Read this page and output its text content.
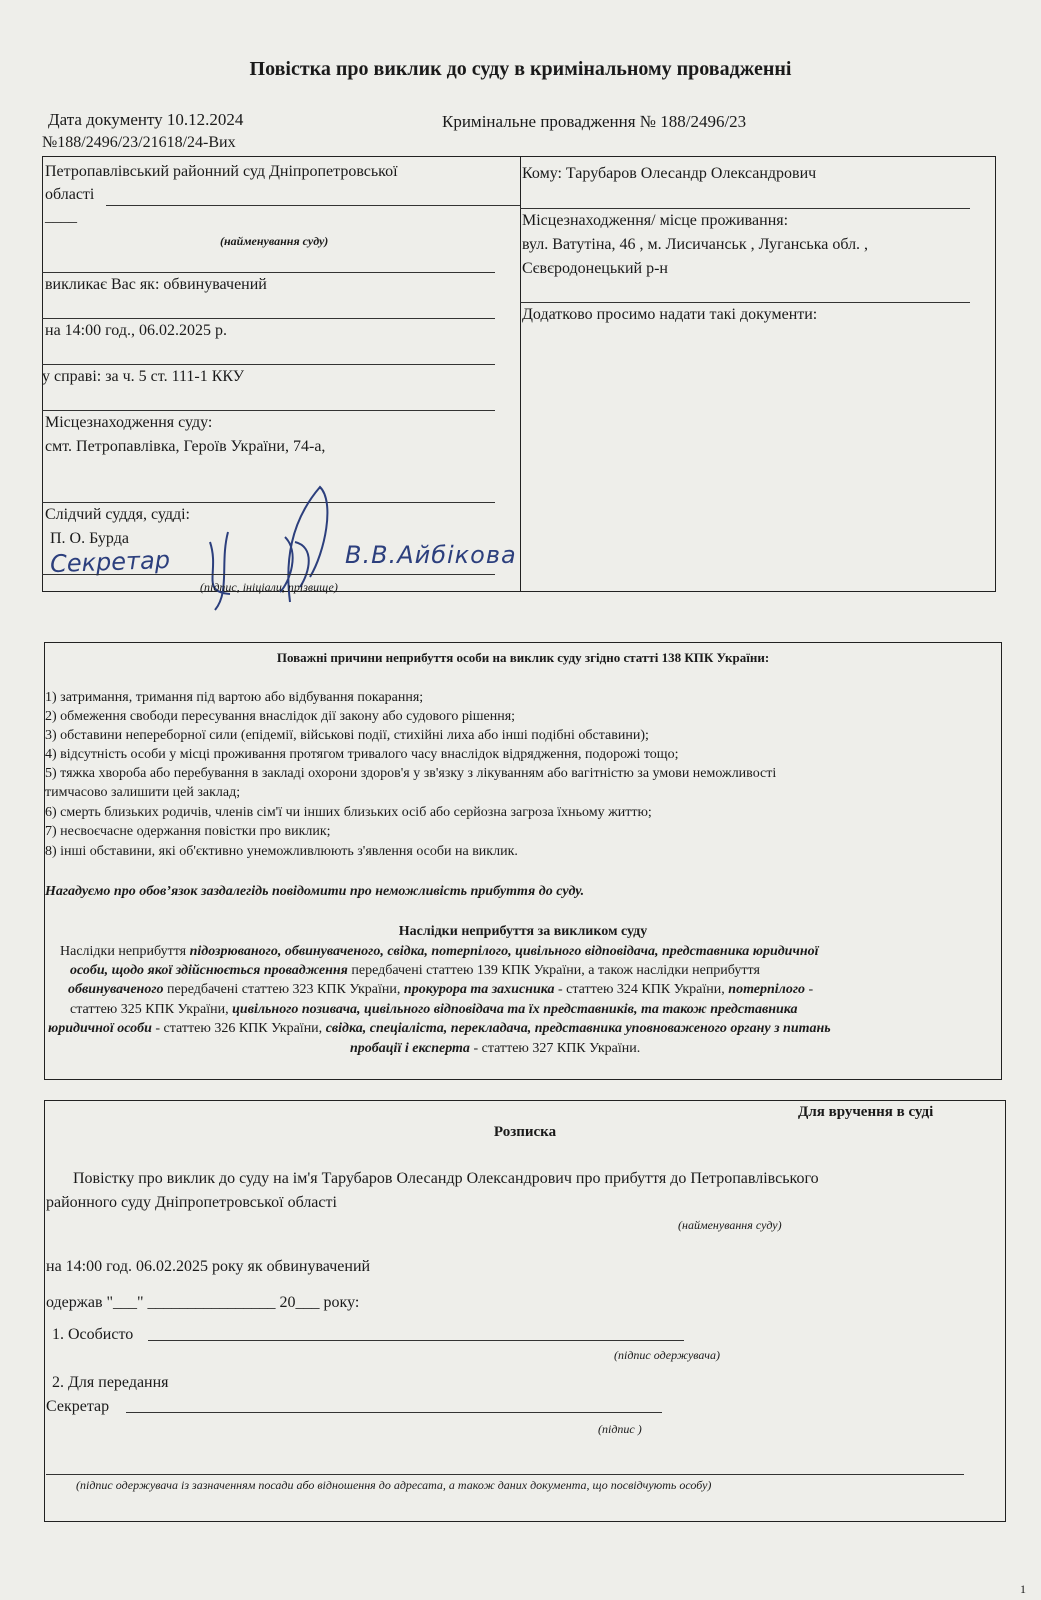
Повістка про виклик до суду в кримінальному провадженні
Дата документу 10.12.2024
№188/2496/23/21618/24-Вих
Кримінальне провадження № 188/2496/23
Петропавлівський районний суд Дніпропетровської
області
____
(найменування суду)
викликає Вас як: обвинувачений
на 14:00 год., 06.02.2025 р.
у справі: за ч. 5 ст. 111-1 ККУ
Місцезнаходження суду:
смт. Петропавлівка, Героїв України, 74-а,
Слідчий суддя, судді:
П. О. Бурда
Секретар	В.В.Айбікова
(підпис, ініціали, прізвище)
Кому: Тарубаров Олесандр Олександрович
Місцезнаходження/ місце проживання:
вул. Ватутіна, 46 , м. Лисичанськ , Луганська обл. ,
Сєвєродонецький р-н
Додатково просимо надати такі документи:
Поважні причини неприбуття особи на виклик суду згідно статті 138 КПК України:
1) затримання, тримання під вартою або відбування покарання;
2) обмеження свободи пересування внаслідок дії закону або судового рішення;
3) обставини непереборної сили (епідемії, військові події, стихійні лиха або інші подібні обставини);
4) відсутність особи у місці проживання протягом тривалого часу внаслідок відрядження, подорожі тощо;
5) тяжка хвороба або перебування в закладі охорони здоров'я у зв'язку з лікуванням або вагітністю за умови неможливості
тимчасово залишити цей заклад;
6) смерть близьких родичів, членів сім'ї чи інших близьких осіб або серйозна загроза їхньому життю;
7) несвоєчасне одержання повістки про виклик;
8) інші обставини, які об'єктивно унеможливлюють з'явлення особи на виклик.
Нагадуємо про обов’язок заздалегідь повідомити про неможливість прибуття до суду.
Наслідки неприбуття за викликом суду
Наслідки неприбуття підозрюваного, обвинуваченого, свідка, потерпілого, цивільного відповідача, представника юридичної
особи, щодо якої здійснюється провадження передбачені статтею 139 КПК України, а також наслідки неприбуття
обвинуваченого передбачені статтею 323 КПК України, прокурора та захисника - статтею 324 КПК України, потерпілого -
статтею 325 КПК України, цивільного позивача, цивільного відповідача та їх представників, та також представника
юридичної особи - статтею 326 КПК України, свідка, спеціаліста, перекладача, представника уповноваженого органу з питань
пробації і експерта - статтею 327 КПК України.
Для вручення в суді
Розписка
Повістку про виклик до суду на ім'я Тарубаров Олесандр Олександрович про прибуття до Петропавлівського
районного суду Дніпропетровської області
(найменування суду)
на 14:00 год. 06.02.2025 року як обвинувачений
одержав "___" ________________ 20___ року:
1. Особисто
(підпис одержувача)
2. Для передання
Секретар
(підпис )
(підпис одержувача із зазначенням посади або відношення до адресата, а також даних документа, що посвідчують особу)
1
